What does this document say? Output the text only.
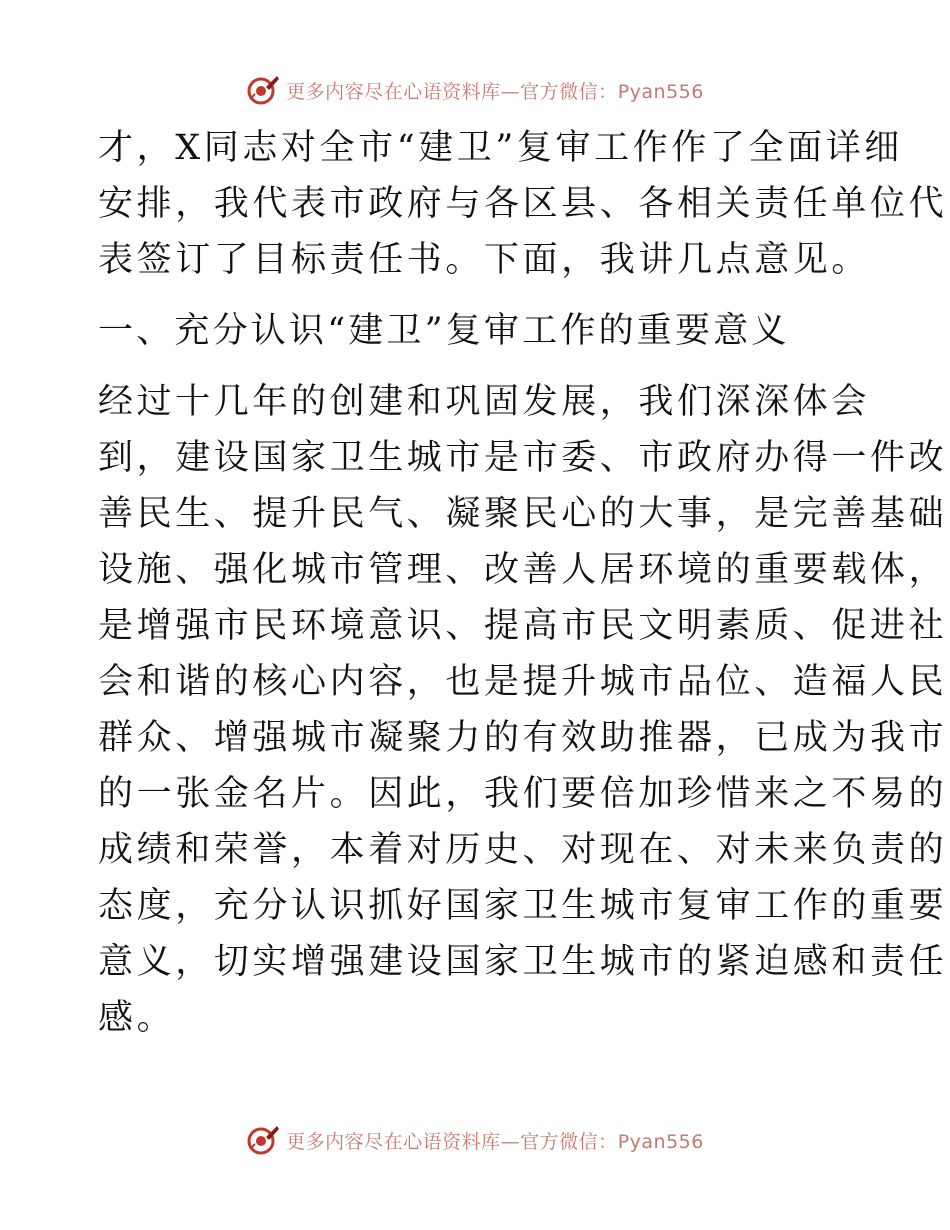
更多内容尽在心语资料库—官方微信：Pyan556
才，X同志对全市“建卫”复审工作作了全面详细
安排，我代表市政府与各区县、各相关责任单位代
表签订了目标责任书。下面，我讲几点意见。
一、充分认识“建卫”复审工作的重要意义
经过十几年的创建和巩固发展，我们深深体会
到，建设国家卫生城市是市委、市政府办得一件改
善民生、提升民气、凝聚民心的大事，是完善基础
设施、强化城市管理、改善人居环境的重要载体，
是增强市民环境意识、提高市民文明素质、促进社
会和谐的核心内容，也是提升城市品位、造福人民
群众、增强城市凝聚力的有效助推器，已成为我市
的一张金名片。因此，我们要倍加珍惜来之不易的
成绩和荣誉，本着对历史、对现在、对未来负责的
态度，充分认识抓好国家卫生城市复审工作的重要
意义，切实增强建设国家卫生城市的紧迫感和责任
感。
更多内容尽在心语资料库—官方微信：Pyan556
